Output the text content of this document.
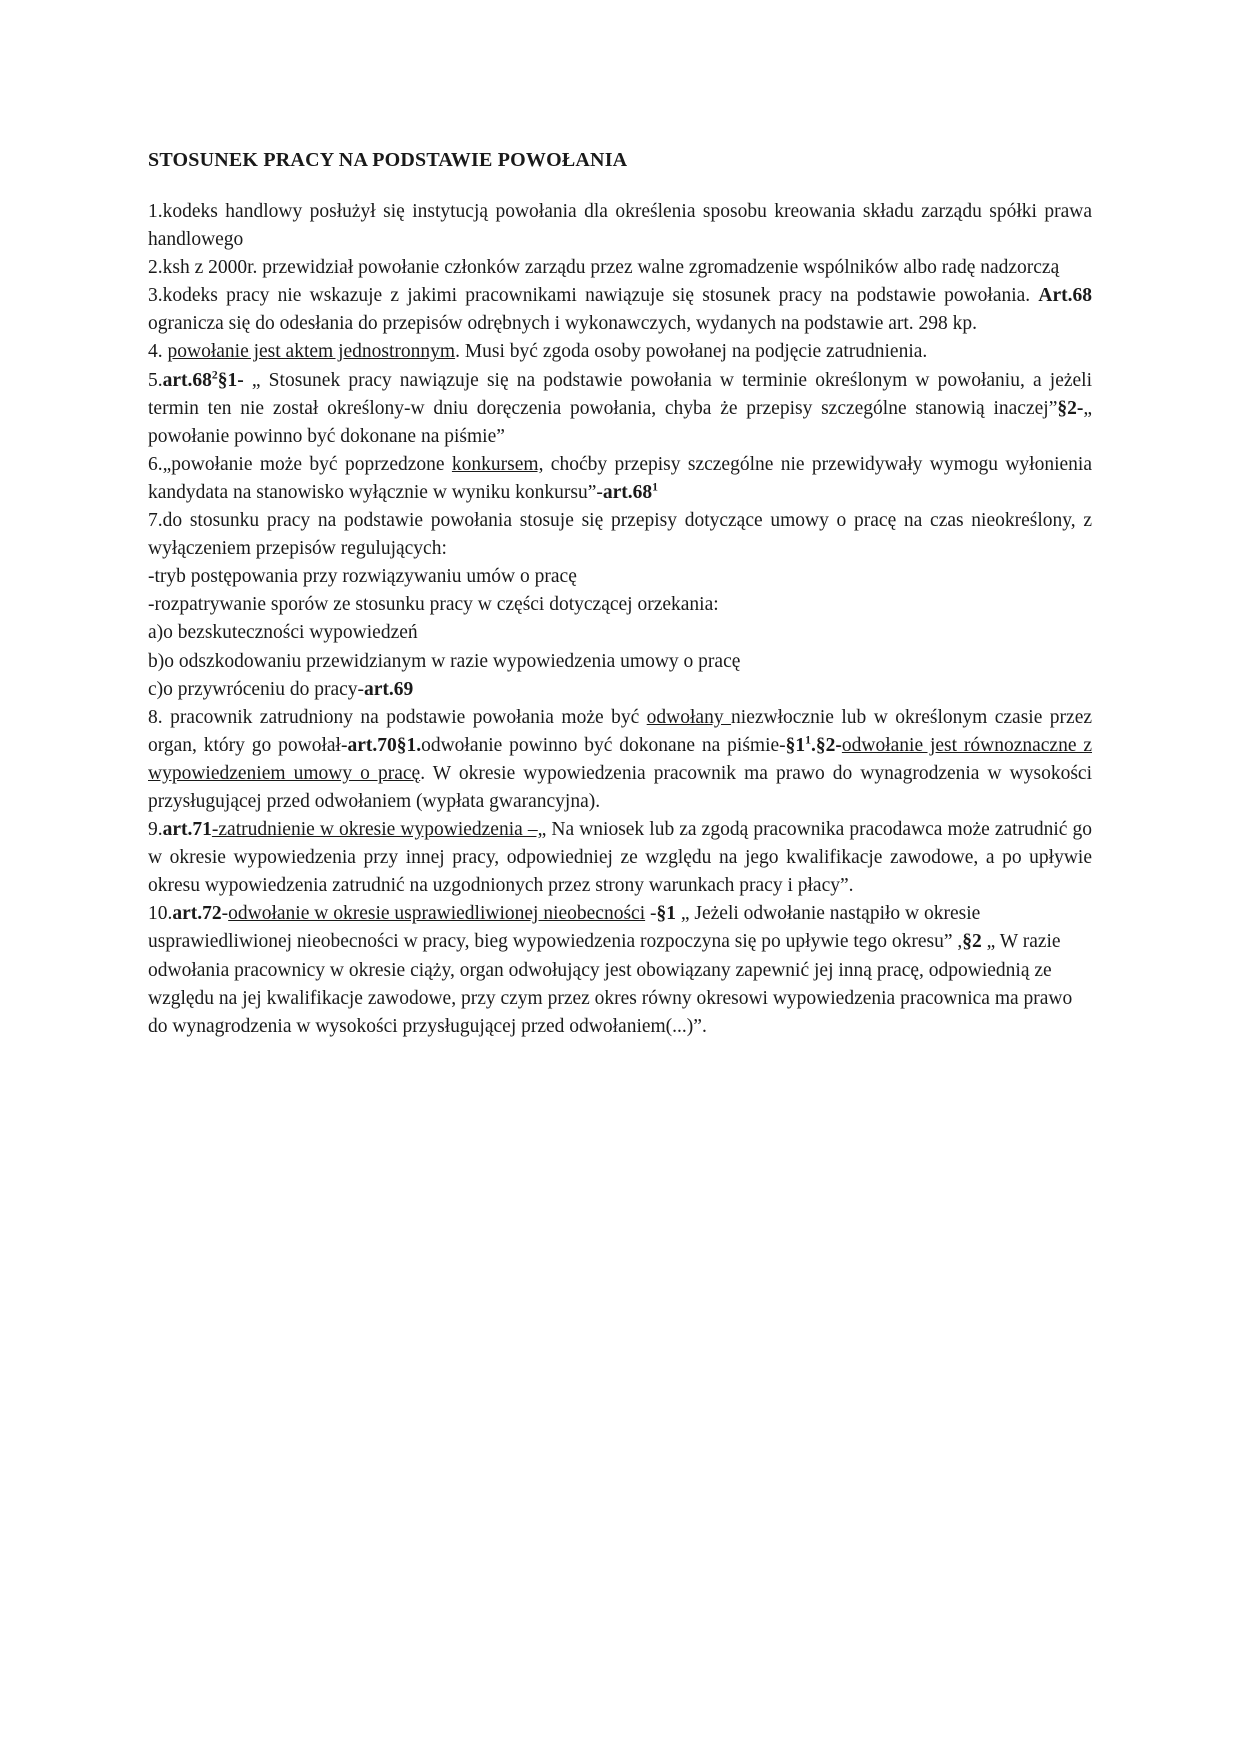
STOSUNEK PRACY NA PODSTAWIE POWOŁANIA

1.kodeks handlowy posłużył się instytucją powołania dla określenia sposobu kreowania składu zarządu spółki prawa handlowego

2.ksh z 2000r. przewidział powołanie członków zarządu przez walne zgromadzenie wspólników albo radę nadzorczą

3.kodeks pracy nie wskazuje z jakimi pracownikami nawiązuje się stosunek pracy na podstawie powołania. Art.68 ogranicza się do odesłania do przepisów odrębnych i wykonawczych, wydanych na podstawie art. 298 kp.

4. powołanie jest aktem jednostronnym. Musi być zgoda osoby powołanej na podjęcie zatrudnienia.

$5.art.68^2\S 1-$ „ Stosunek pracy nawiązuje się na podstawie powołania w terminie określonym w powołaniu, a jeżeli termin ten nie został określony-w dniu doręczenia powołania, chyba że przepisy szczególne stanowią inaczej”§2-„ powołanie powinno być dokonane na piśmie”

6.„powołanie może być poprzedzone konkursem, choćby przepisy szczególne nie przewidywały wymogu wyłonienia kandydata na stanowisko wyłącznie w wyniku $konkursu”-art.68^1$

7.do stosunku pracy na podstawie powołania stosuje się przepisy dotyczące umowy o pracę na czas nieokreślony, z wyłączeniem przepisów regulujących:

-tryb postępowania przy rozwiązywaniu umów o pracę

-rozpatrywanie sporów ze stosunku pracy w części dotyczącej orzekania:

a)o bezskuteczności wypowiedzeń

b)o odszkodowaniu przewidzianym w razie wypowiedzenia umowy o pracę

c)o przywróceniu do pracy-art.69

8. pracownik zatrudniony na podstawie powołania może być odwołany niezwłocznie lub w określonym czasie przez organ, który go powołał-art.70§1.odwołanie powinno być dokonane na piśmie-$\S 1^1.\S 2$-odwołanie jest równoznaczne z wypowiedzeniem umowy o pracę. W okresie wypowiedzenia pracownik ma prawo do wynagrodzenia w wysokości przysługującej przed odwołaniem (wypłata gwarancyjna).

9.art.71-zatrudnienie w okresie wypowiedzenia –„ Na wniosek lub za zgodą pracownika pracodawca może zatrudnić go w okresie wypowiedzenia przy innej pracy, odpowiedniej ze względu na jego kwalifikacje zawodowe, a po upływie okresu wypowiedzenia zatrudnić na uzgodnionych przez strony warunkach pracy i płacy”.

10.art.72-odwołanie w okresie usprawiedliwionej nieobecności -§1 „ Jeżeli odwołanie nastąpiło w okresie usprawiedliwionej nieobecności w pracy, bieg wypowiedzenia rozpoczyna się po upływie tego okresu” ,§2 „ W razie odwołania pracownicy w okresie ciąży, organ odwołujący jest obowiązany zapewnić jej inną pracę, odpowiednią ze względu na jej kwalifikacje zawodowe, przy czym przez okres równy okresowi wypowiedzenia pracownica ma prawo do wynagrodzenia w wysokości przysługującej przed odwołaniem(...)”.
